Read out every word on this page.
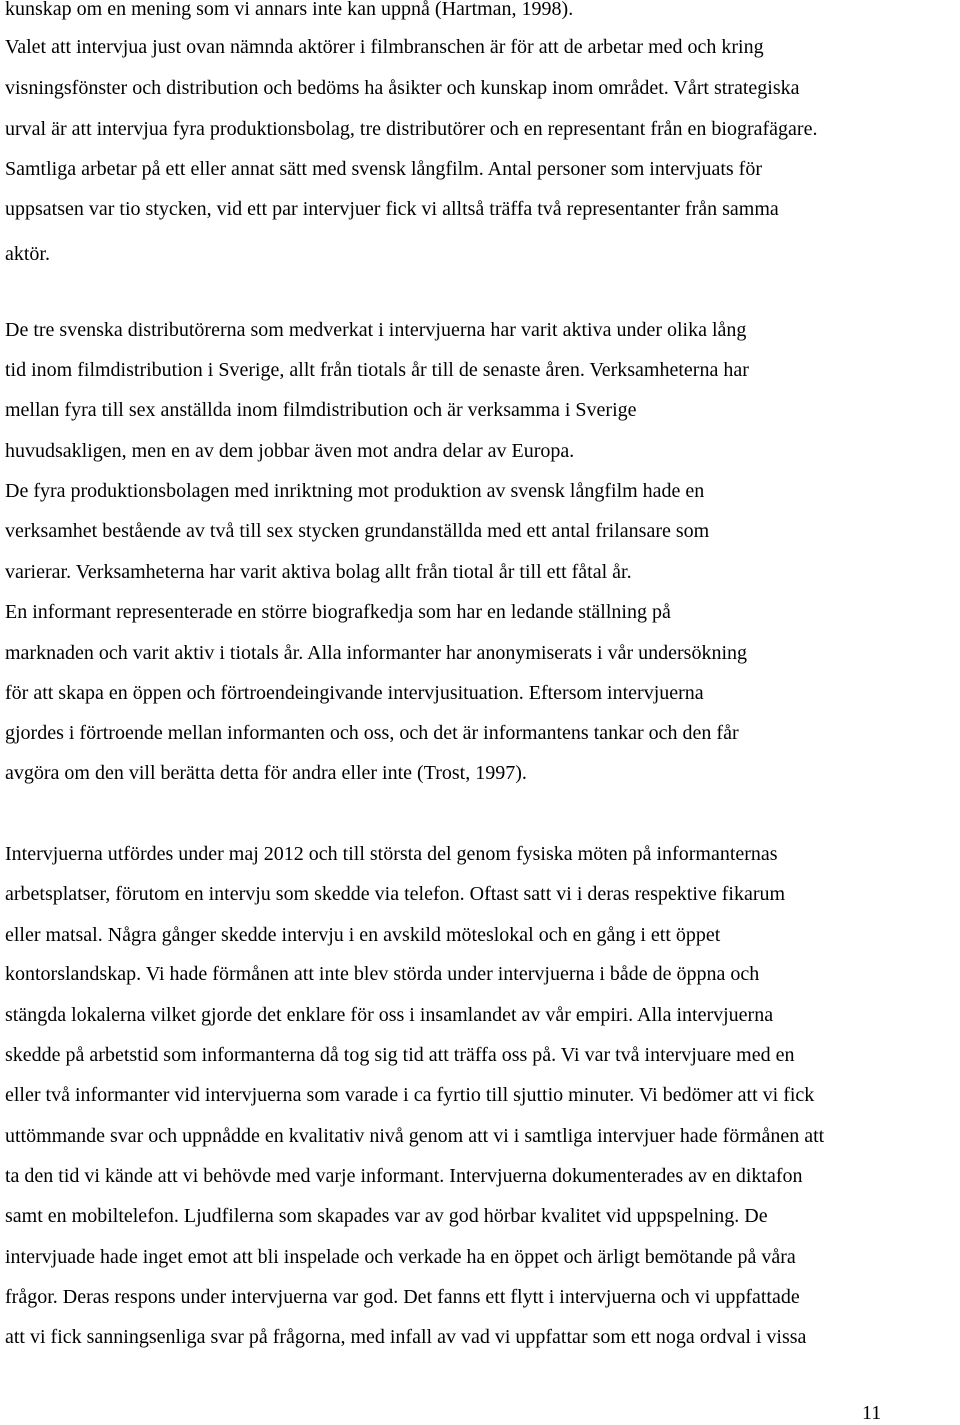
kunskap om en mening som vi annars inte kan uppnå (Hartman, 1998).
Valet att intervjua just ovan nämnda aktörer i filmbranschen är för att de arbetar med och kring
visningsfönster och distribution och bedöms ha åsikter och kunskap inom området. Vårt strategiska
urval är att intervjua fyra produktionsbolag, tre distributörer och en representant från en biografägare.
Samtliga arbetar på ett eller annat sätt med svensk långfilm. Antal personer som intervjuats för
uppsatsen var tio stycken, vid ett par intervjuer fick vi alltså träffa två representanter från samma
aktör.
De tre svenska distributörerna som medverkat i intervjuerna har varit aktiva under olika lång
tid inom filmdistribution i Sverige, allt från tiotals år till de senaste åren. Verksamheterna har
mellan fyra till sex anställda inom filmdistribution och är verksamma i Sverige
huvudsakligen, men en av dem jobbar även mot andra delar av Europa.
De fyra produktionsbolagen med inriktning mot produktion av svensk långfilm hade en
verksamhet bestående av två till sex stycken grundanställda med ett antal frilansare som
varierar. Verksamheterna har varit aktiva bolag allt från tiotal år till ett fåtal år.
En informant representerade en större biografkedja som har en ledande ställning på
marknaden och varit aktiv i tiotals år. Alla informanter har anonymiserats i vår undersökning
för att skapa en öppen och förtroendeingivande intervjusituation. Eftersom intervjuerna
gjordes i förtroende mellan informanten och oss, och det är informantens tankar och den får
avgöra om den vill berätta detta för andra eller inte (Trost, 1997).
Intervjuerna utfördes under maj 2012 och till största del genom fysiska möten på informanternas
arbetsplatser, förutom en intervju som skedde via telefon. Oftast satt vi i deras respektive fikarum
eller matsal. Några gånger skedde intervju i en avskild möteslokal och en gång i ett öppet
kontorslandskap. Vi hade förmånen att inte blev störda under intervjuerna i både de öppna och
stängda lokalerna vilket gjorde det enklare för oss i insamlandet av vår empiri. Alla intervjuerna
skedde på arbetstid som informanterna då tog sig tid att träffa oss på. Vi var två intervjuare med en
eller två informanter vid intervjuerna som varade i ca fyrtio till sjuttio minuter. Vi bedömer att vi fick
uttömmande svar och uppnådde en kvalitativ nivå genom att vi i samtliga intervjuer hade förmånen att
ta den tid vi kände att vi behövde med varje informant. Intervjuerna dokumenterades av en diktafon
samt en mobiltelefon. Ljudfilerna som skapades var av god hörbar kvalitet vid uppspelning. De
intervjuade hade inget emot att bli inspelade och verkade ha en öppet och ärligt bemötande på våra
frågor. Deras respons under intervjuerna var god. Det fanns ett flytt i intervjuerna och vi uppfattade
att vi fick sanningsenliga svar på frågorna, med infall av vad vi uppfattar som ett noga ordval i vissa
11
